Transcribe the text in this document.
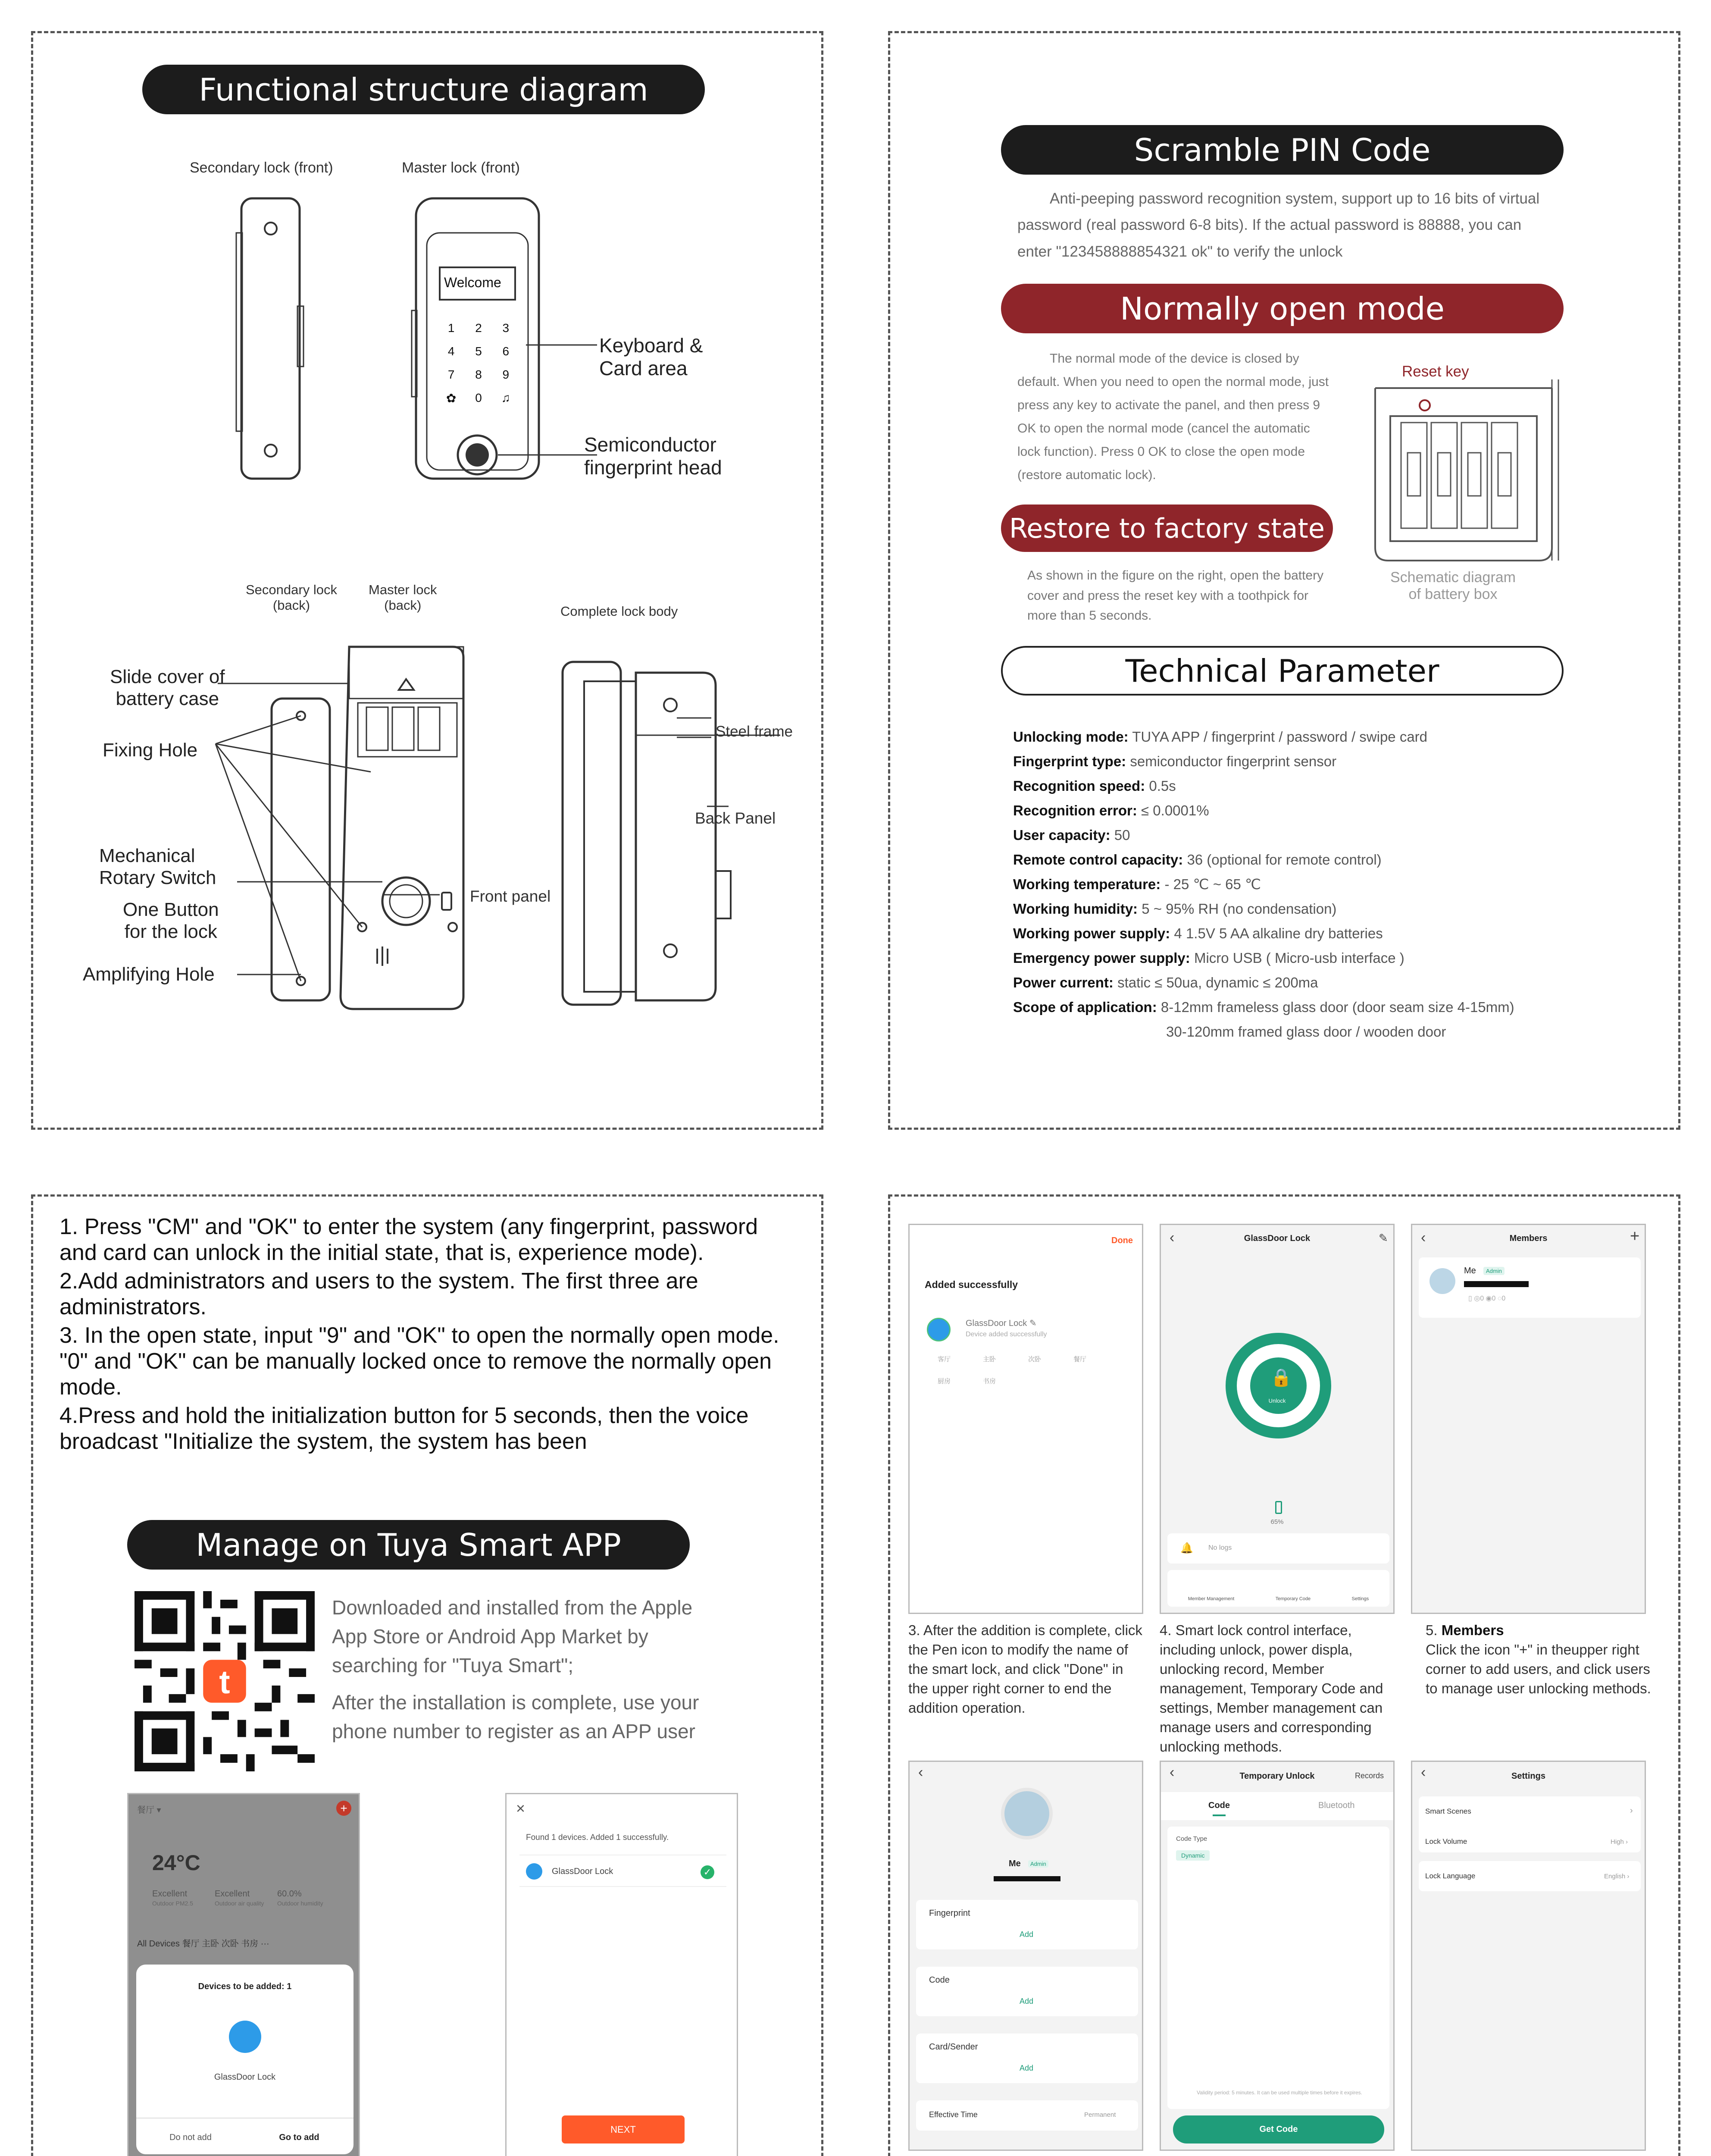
Functional structure diagram
Secondary lock (front)	Master lock (front)
Welcome
1	2	3
4	5	6
7	8	9
✿	0	♫
Keyboard &
Card area
Semiconductor
fingerprint head
Secondary lock
(back)
Master lock
(back)	Complete lock body
Slide cover of
battery case
Fixing Hole
Mechanical
Rotary Switch
One Button
for the lock
Amplifying Hole
Steel frame
Back Panel
Front panel
Scramble PIN Code
Anti-peeping password recognition system, support up to 16 bits of virtual password (real password 6-8 bits). If the actual password is 88888, you can enter "123458888854321 ok" to verify the unlock
Normally open mode
The normal mode of the device is closed by default. When you need to open the normal mode, just press any key to activate the panel, and then press 9 OK to open the normal mode (cancel the automatic lock function). Press 0 OK to close the open mode (restore automatic lock).
Reset key
Restore to factory state
As shown in the figure on the right, open the battery cover and press the reset key with a toothpick for more than 5 seconds.
Schematic diagram
of battery box
Technical Parameter
Unlocking mode: TUYA APP / fingerprint / password / swipe card
Fingerprint type: semiconductor fingerprint sensor
Recognition speed: 0.5s
Recognition error: ≤ 0.0001%
User capacity: 50
Remote control capacity: 36 (optional for remote control)
Working temperature: - 25 ℃ ~ 65 ℃
Working humidity: 5 ~ 95% RH (no condensation)
Working power supply: 4 1.5V 5 AA alkaline dry batteries
Emergency power supply: Micro USB ( Micro-usb interface )
Power current: static ≤ 50ua, dynamic ≤ 200ma
Scope of application: 8-12mm frameless glass door (door seam size 4-15mm)
30-120mm framed glass door / wooden door

1. Press "CM" and "OK" to enter the system (any fingerprint, password and card can unlock in the initial state, that is, experience mode).

2.Add administrators and users to the system. The first three are administrators.

3. In the open state, input "9" and "OK" to open the normally open mode. "0" and "OK" can be manually locked once to remove the normally open mode.

4.Press and hold the initialization button for 5 seconds, then the voice broadcast "Initialize the system, the system has been

Manage on Tuya Smart APP
t
Downloaded and installed from the Apple App Store or Android App Market by searching for "Tuya Smart";
After the installation is complete, use your phone number to register as an APP user
餐厅 ▾	+
24°C
Excellent
Outdoor PM2.5
Excellent
Outdoor air quality
60.0%
Outdoor humidity
All Devices 餐厅 主卧 次卧 书房 ···
Devices to be added: 1
GlassDoor Lock
Do not add	Go to add
×
Found 1 devices. Added 1 successfully.
GlassDoor Lock	✓
NEXT
Done
Added successfully
GlassDoor Lock ✎
Device added successfully
客厅	主卧	次卧	餐厅
厨房	书房
‹	GlassDoor Lock	✎
🔒
Unlock
65%
🔔 No logs
Member Management	Temporary Code	Settings
‹	Members	+
Me	Admin
▯ ◎0 ◉0 ◌0
‹
Me	Admin
Fingerprint
Add
Code
Add
Card/Sender
Add
Effective Time	Permanent
‹	Temporary Unlock	Records
Code	Bluetooth
Code Type
Dynamic
Validity period: 5 minutes. It can be used multiple times before it expires.
Get Code
‹	Settings
Smart Scenes	›
Lock Volume	High ›
Lock Language	English ›
3. After the addition is complete, click the Pen icon to modify the name of the smart lock, and click "Done" in the upper right corner to end the addition operation.
4. Smart lock control interface, including unlock, power displa, unlocking record, Member management, Temporary Code and settings, Member management can manage users and corresponding unlocking methods.
5. Members
Click the icon "+" in theupper right corner to add users, and click users to manage user unlocking methods.
